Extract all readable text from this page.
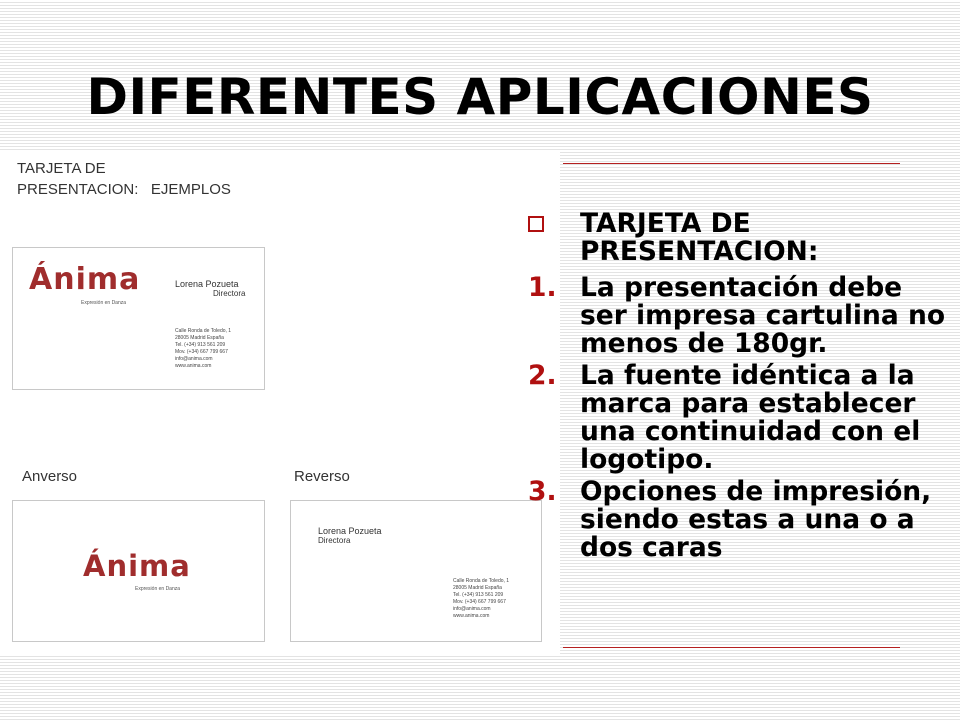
DIFERENTES APLICACIONES
TARJETA DE
PRESENTACION:   EJEMPLOS
Ánima
Expresión en Danza
Lorena Pozueta
Directora
Calle Ronda de Toledo, 1
28005 Madrid España
Tel. (+34) 913 561 209
Mov. (+34) 667 799 667
info@anima.com
www.anima.com
Anverso	Reverso
Ánima
Expresión en Danza
Lorena Pozueta
Directora
Calle Ronda de Toledo, 1
28005 Madrid España
Tel. (+34) 913 561 209
Mov. (+34) 667 799 667
info@anima.com
www.anima.com
TARJETA DE PRESENTACION:
1. La presentación debe ser impresa cartulina no menos de 180gr.
2. La fuente idéntica a la marca para establecer una continuidad con el logotipo.
3. Opciones de impresión, siendo estas a una o a dos caras
